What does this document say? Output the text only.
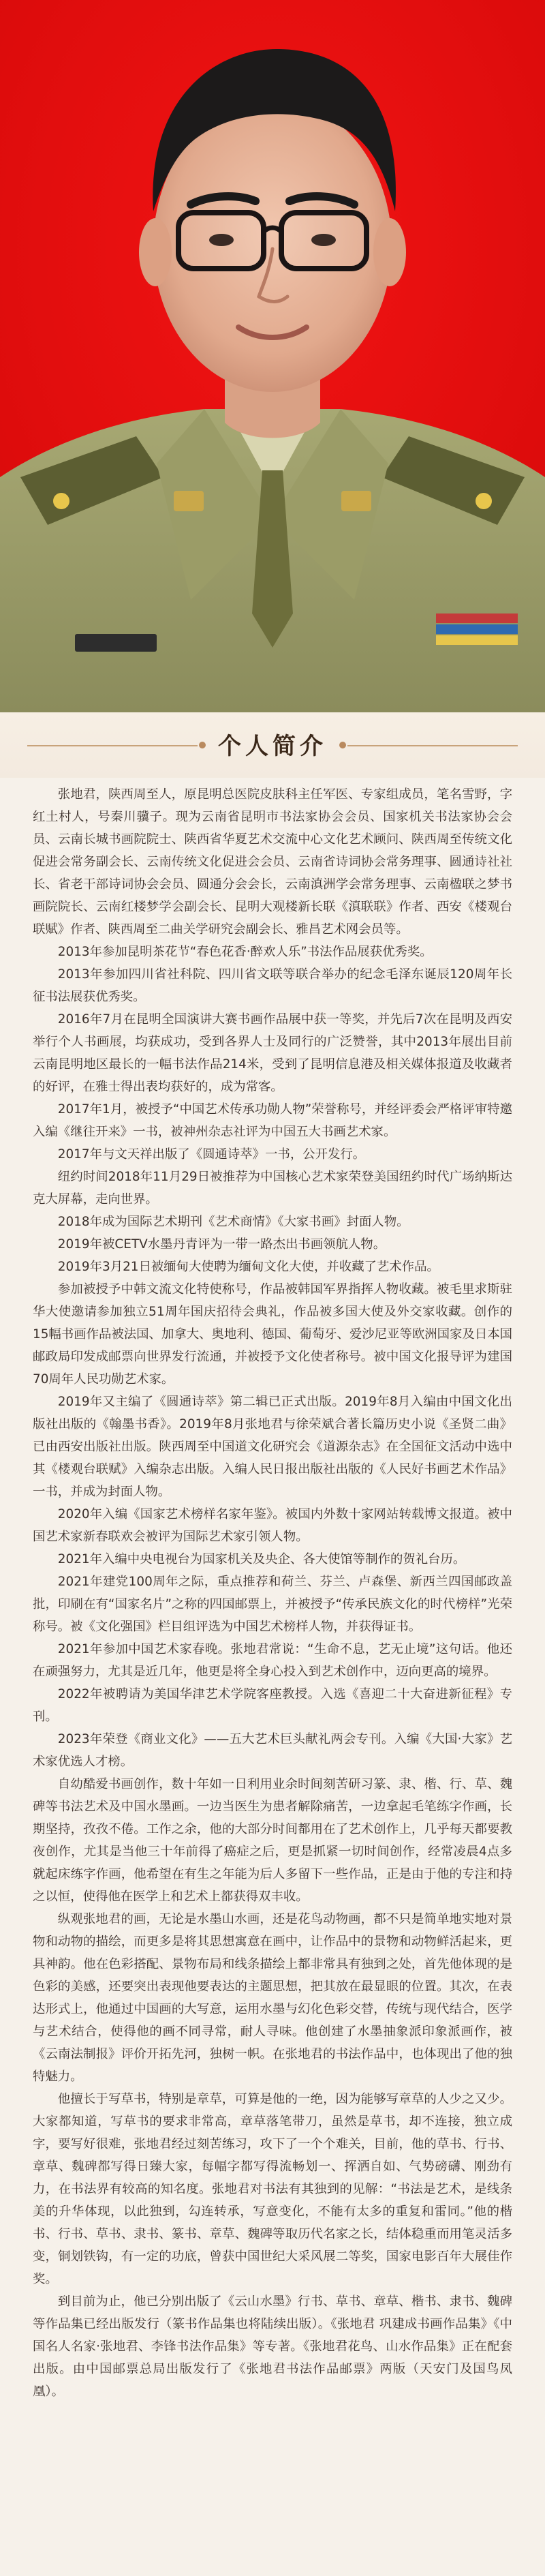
个人简介

张地君，陕西周至人，原昆明总医院皮肤科主任军医、专家组成员，笔名雪野，字红土村人，号秦川骥子。现为云南省昆明市书法家协会会员、国家机关书法家协会会员、云南长城书画院院士、陕西省华夏艺术交流中心文化艺术顾问、陕西周至传统文化促进会常务副会长、云南传统文化促进会会员、云南省诗词协会常务理事、圆通诗社社长、省老干部诗词协会会员、圆通分会会长，云南滇洲学会常务理事、云南楹联之梦书画院院长、云南红楼梦学会副会长、昆明大观楼新长联《滇联联》作者、西安《楼观台联赋》作者、陕西周至二曲关学研究会副会长、雅昌艺术网会员等。

2013年参加昆明茶花节“春色花香·醉欢人乐”书法作品展获优秀奖。

2013年参加四川省社科院、四川省文联等联合举办的纪念毛泽东诞辰120周年长征书法展获优秀奖。

2016年7月在昆明全国演讲大赛书画作品展中获一等奖，并先后7次在昆明及西安举行个人书画展，均获成功，受到各界人士及同行的广泛赞誉，其中2013年展出目前云南昆明地区最长的一幅书法作品214米，受到了昆明信息港及相关媒体报道及收藏者的好评，在雅士得出表均获好的，成为常客。

2017年1月，被授予“中国艺术传承功勋人物”荣誉称号，并经评委会严格评审特邀入编《继往开来》一书，被神州杂志社评为中国五大书画艺术家。

2017年与文天祥出版了《圆通诗萃》一书，公开发行。

纽约时间2018年11月29日被推荐为中国核心艺术家荣登美国纽约时代广场纳斯达克大屏幕，走向世界。

2018年成为国际艺术期刊《艺术商情》《大家书画》封面人物。

2019年被CETV水墨丹青评为一带一路杰出书画领航人物。

2019年3月21日被缅甸大使聘为缅甸文化大使，并收藏了艺术作品。

参加被授予中韩文流文化特使称号，作品被韩国军界指挥人物收藏。被毛里求斯驻华大使邀请参加独立51周年国庆招待会典礼，作品被多国大使及外交家收藏。创作的15幅书画作品被法国、加拿大、奥地利、德国、葡萄牙、爱沙尼亚等欧洲国家及日本国邮政局印发成邮票向世界发行流通，并被授予文化使者称号。被中国文化报导评为建国70周年人民功勋艺术家。

2019年又主编了《圆通诗萃》第二辑已正式出版。2019年8月入编由中国文化出版社出版的《翰墨书香》。2019年8月张地君与徐荣斌合著长篇历史小说《圣贤二曲》已由西安出版社出版。陕西周至中国道文化研究会《道源杂志》在全国征文活动中选中其《楼观台联赋》入编杂志出版。入编人民日报出版社出版的《人民好书画艺术作品》一书，并成为封面人物。

2020年入编《国家艺术榜样名家年鉴》。被国内外数十家网站转载博文报道。被中国艺术家新春联欢会被评为国际艺术家引领人物。

2021年入编中央电视台为国家机关及央企、各大使馆等制作的贺礼台历。

2021年建党100周年之际，重点推荐和荷兰、芬兰、卢森堡、新西兰四国邮政盖批，印刷在有“国家名片”之称的四国邮票上，并被授予“传承民族文化的时代榜样”光荣称号。被《文化强国》栏目组评选为中国艺术榜样人物，并获得证书。

2021年参加中国艺术家春晚。张地君常说：“生命不息，艺无止境”这句话。他还在顽强努力，尤其是近几年，他更是将全身心投入到艺术创作中，迈向更高的境界。

2022年被聘请为美国华津艺术学院客座教授。入选《喜迎二十大奋进新征程》专刊。

2023年荣登《商业文化》——五大艺术巨头献礼两会专刊。入编《大国·大家》艺术家优选人才榜。

自幼酷爱书画创作，数十年如一日利用业余时间刻苦研习篆、隶、楷、行、草、魏碑等书法艺术及中国水墨画。一边当医生为患者解除痛苦，一边拿起毛笔练字作画，长期坚持，孜孜不倦。工作之余，他的大部分时间都用在了艺术创作上，几乎每天都要教夜创作，尤其是当他三十年前得了癌症之后，更是抓紧一切时间创作，经常凌晨4点多就起床练字作画，他希望在有生之年能为后人多留下一些作品，正是由于他的专注和持之以恒，使得他在医学上和艺术上都获得双丰收。

纵观张地君的画，无论是水墨山水画，还是花鸟动物画，都不只是简单地实地对景物和动物的描绘，而更多是将其思想寓意在画中，让作品中的景物和动物鲜活起来，更具神韵。他在色彩搭配、景物布局和线条描绘上都非常具有独到之处，首先他体现的是色彩的美感，还要突出表现他要表达的主题思想，把其放在最显眼的位置。其次，在表达形式上，他通过中国画的大写意，运用水墨与幻化色彩交替，传统与现代结合，医学与艺术结合，使得他的画不同寻常，耐人寻味。他创建了水墨抽象派印象派画作，被《云南法制报》评价开拓先河，独树一帜。在张地君的书法作品中，也体现出了他的独特魅力。

他擅长于写草书，特别是章草，可算是他的一绝，因为能够写章草的人少之又少。大家都知道，写草书的要求非常高，章草落笔带刀，虽然是草书，却不连接，独立成字，要写好很难，张地君经过刻苦练习，攻下了一个个难关，目前，他的草书、行书、章草、魏碑都写得日臻大家，每幅字都写得流畅划一、挥洒自如、气势磅礴、刚劲有力，在书法界有较高的知名度。张地君对书法有其独到的见解：“书法是艺术，是线条美的升华体现，以此独到，勾连转承，写意变化，不能有太多的重复和雷同。”他的楷书、行书、草书、隶书、篆书、章草、魏碑等取历代名家之长，结体稳重而用笔灵活多变，铜划铁钩，有一定的功底，曾获中国世纪大采风展二等奖，国家电影百年大展佳作奖。

到目前为止，他已分别出版了《云山水墨》行书、草书、章草、楷书、隶书、魏碑等作品集已经出版发行（篆书作品集也将陆续出版）。《张地君 巩建成书画作品集》《中国名人名家·张地君、李锋书法作品集》等专著。《张地君花鸟、山水作品集》正在配套出版。由中国邮票总局出版发行了《张地君书法作品邮票》两版（天安门及国鸟凤凰）。
